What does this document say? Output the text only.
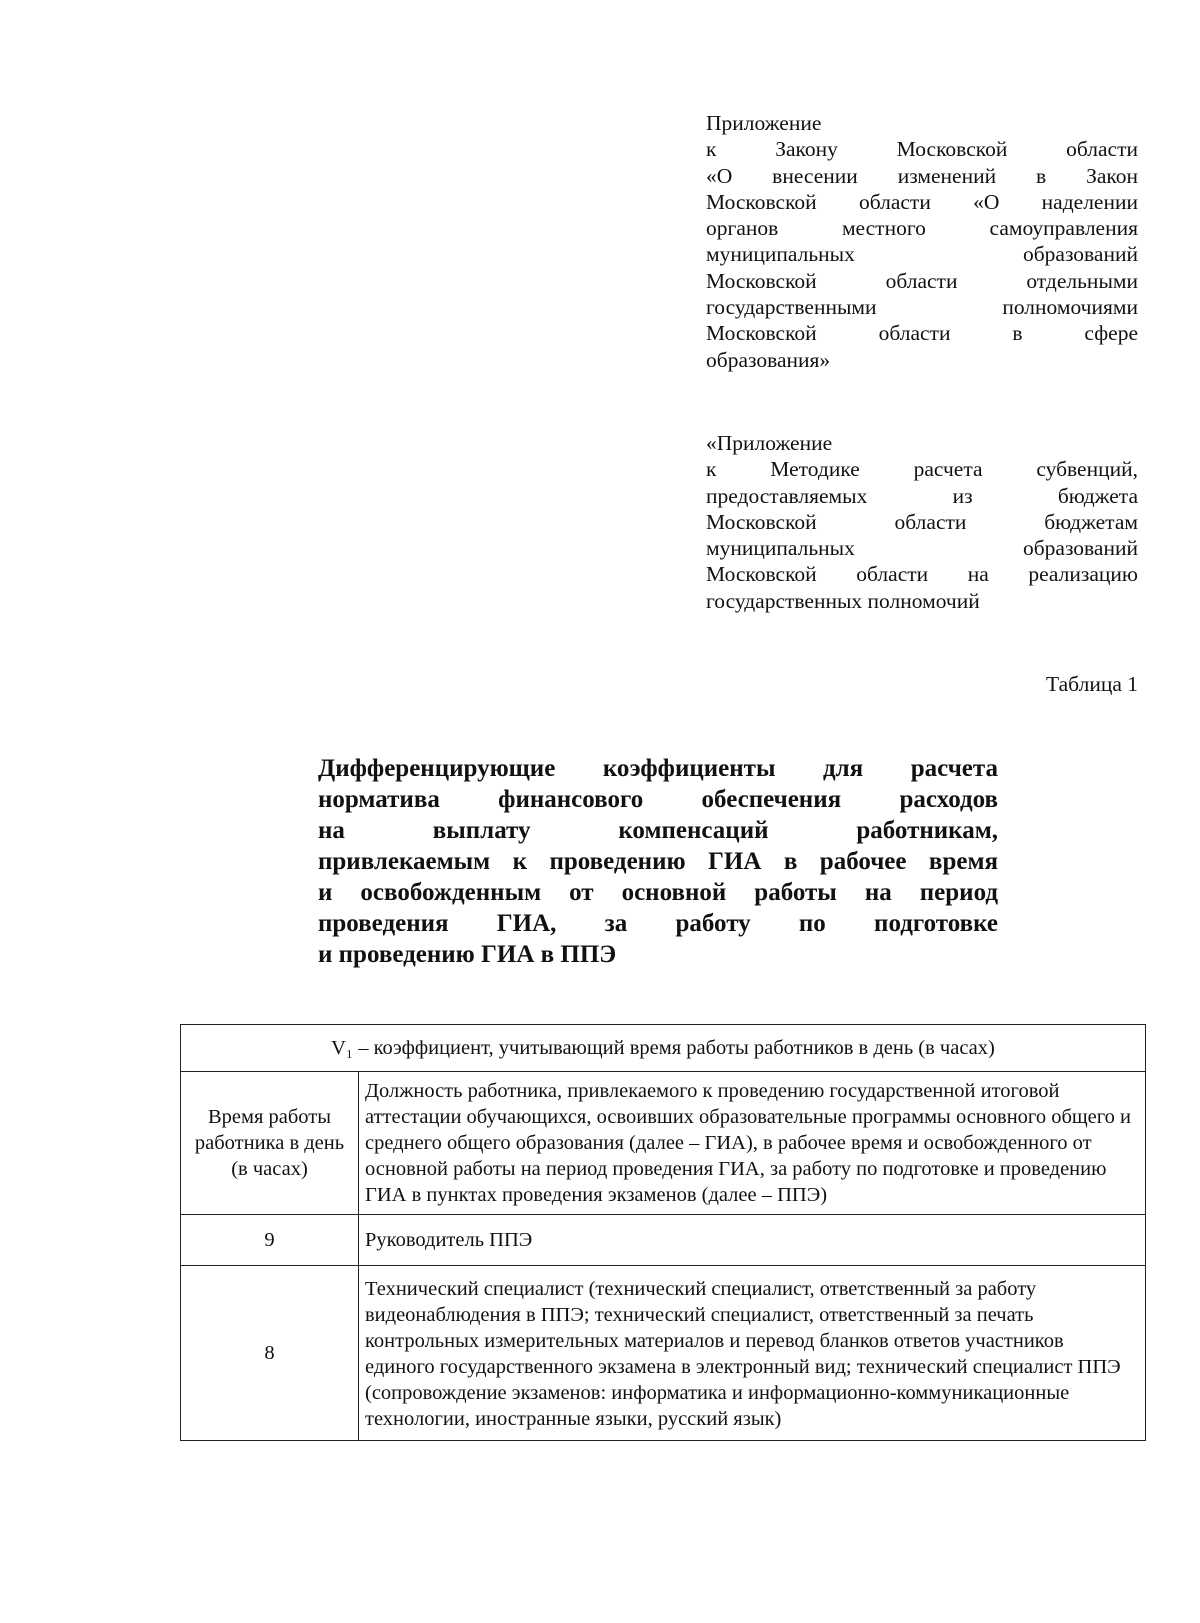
Приложение
к Закону Московской области
«О внесении изменений в Закон
Московской области «О наделении
органов местного самоуправления
муниципальных образований
Московской области отдельными
государственными полномочиями
Московской области в сфере
образования»
«Приложение
к Методике расчета субвенций,
предоставляемых из бюджета
Московской области бюджетам
муниципальных образований
Московской области на реализацию
государственных полномочий
Таблица 1
Дифференцирующие коэффициенты для расчета
норматива финансового обеспечения расходов
на выплату компенсаций работникам,
привлекаемым к проведению ГИА в рабочее время
и освобожденным от основной работы на период
проведения ГИА, за работу по подготовке
и проведению ГИА в ППЭ
V₁ – коэффициент, учитывающий время работы работников в день (в часах)	
Время работы работника в день (в часах)	Должность работника, привлекаемого к проведению государственной итоговой аттестации обучающихся, освоивших образовательные программы основного общего и среднего общего образования (далее – ГИА), в рабочее время и освобожденного от основной работы на период проведения ГИА, за работу по подготовке и проведению ГИА в пунктах проведения экзаменов (далее – ППЭ)
9	Руководитель ППЭ
8	Технический специалист (технический специалист, ответственный за работу видеонаблюдения в ППЭ; технический специалист, ответственный за печать контрольных измерительных материалов и перевод бланков ответов участников единого государственного экзамена в электронный вид; технический специалист ППЭ (сопровождение экзаменов: информатика и информационно-коммуникационные технологии, иностранные языки, русский язык)
